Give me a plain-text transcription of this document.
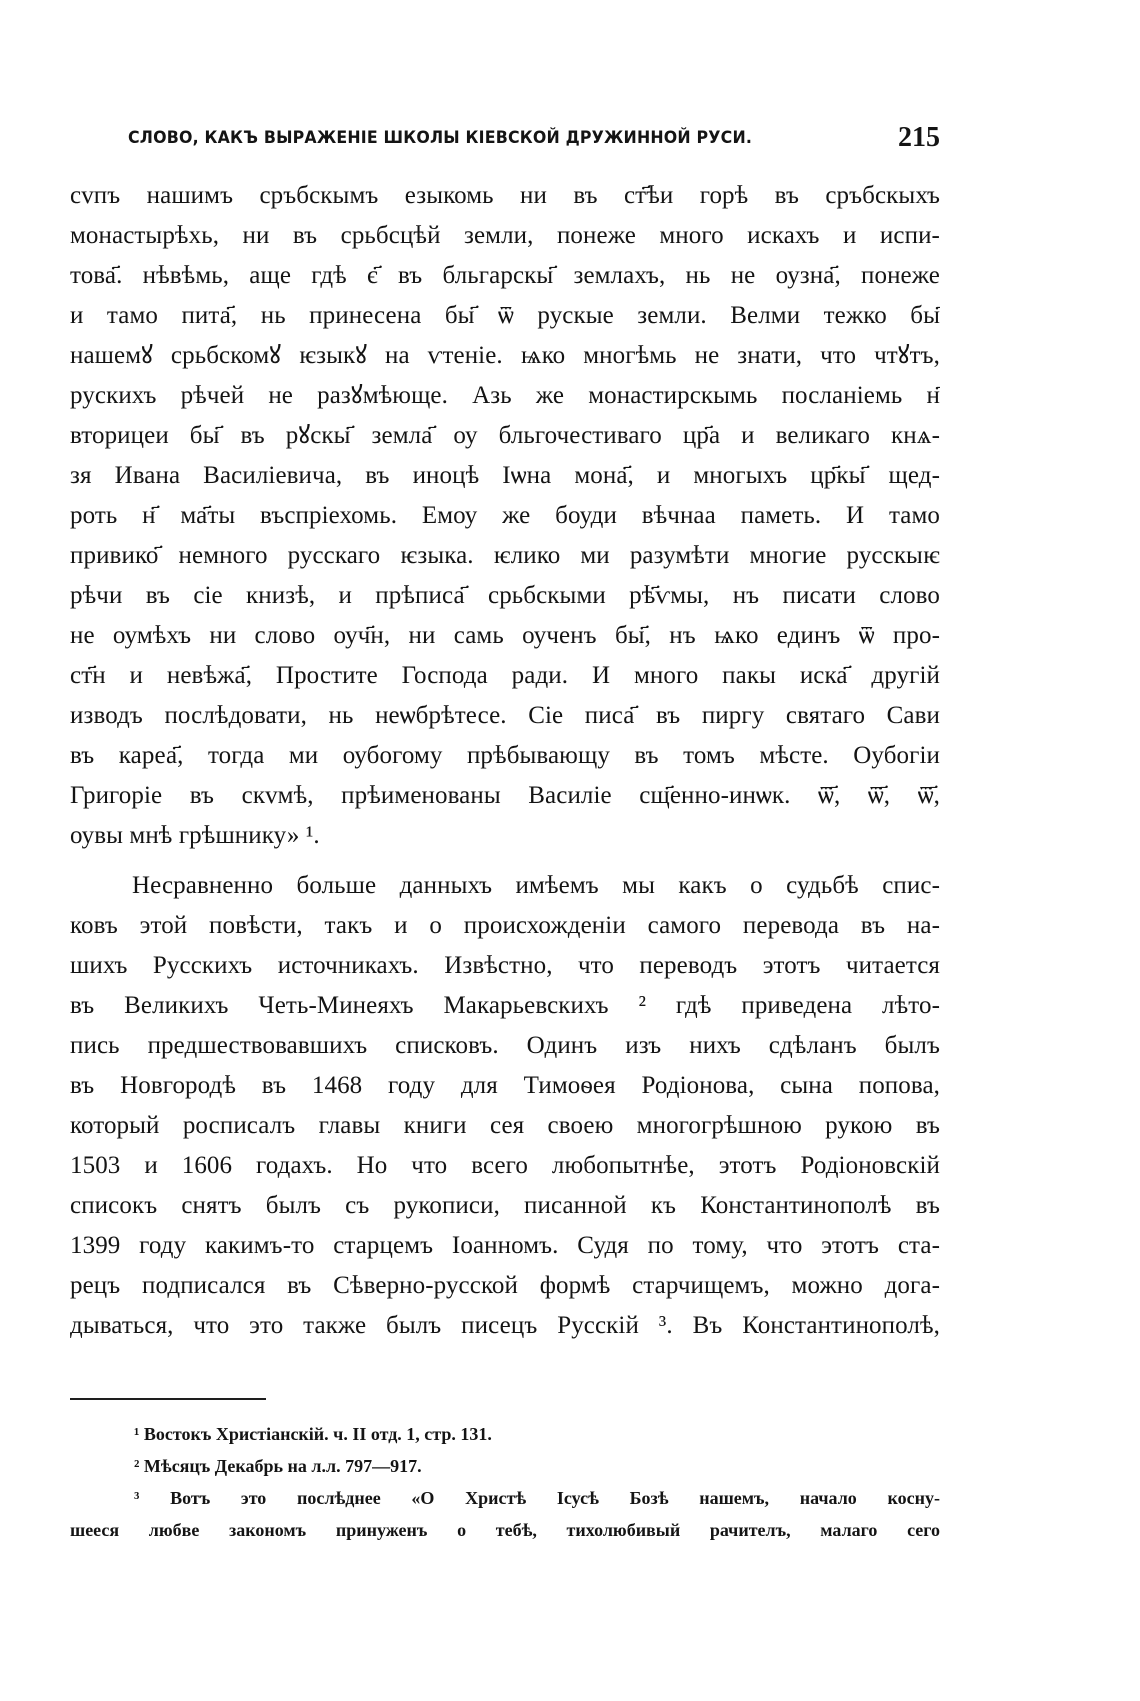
СЛОВО, КАКЪ ВЫРАЖЕНІЕ ШКОЛЫ КІЕВСКОЙ ДРУЖИННОЙ РУСИ.	215
сvпъ нашимъ сръбскымъ езыкомь ни въ ст҃ѣи горѣ въ сръбскыхъ
монастырѣхь, ни въ срьбсцѣй земли, понеже много искахъ и испи-
това҃. нѣвѣмь, аще гдѣ є҃ въ бльгарскы҃ землахъ, нь не оузна҃, понеже
и тамо пита҃, нь принесена бы҃ ѿ рускые земли. Велми тежко бы҃
нашемꙋ срьбскомꙋ ѥзыкꙋ на ѵтеніе. ѩко многѣмь не знати, что чтꙋтъ,
рускихъ рѣчей не разꙋмѣюще. Азь же монастирскымь посланіемь н҃
вторицеи бы҃ въ рꙋскы҃ земла҃ оу бльгочестиваго цр҃а и великаго кнѧ-
зя Ивана Василіевича, въ иноцѣ Іѡна мона҃, и многыхъ цр҃кы҃ щед-
роть н҃ ма҃ты въспріехомь. Емоу же боуди вѣчнаа паметь. И тамо
привико҃ немного русскаго ѥзыка. ѥлико ми разумѣти многие русскыѥ
рѣчи въ сіе книзѣ, и прѣписа҃ срьбскыми рѣ҃ѵмы, нъ писати слово
не оумѣхъ ни слово оуч҃н, ни самь оученъ бы҃, нъ ѩко единъ ѿ про-
ст҃н и невѣжа҃, Простите Господа ради. И много пакы иска҃ другій
изводъ послѣдовати, нь неѡбрѣтесе. Сіе писа҃ въ пиргу святаго Сави
въ кареа҃, тогда ми оубогому прѣбывающу въ томъ мѣсте. Оубогіи
Григоріе въ скvмѣ, прѣименованы Василіе сщ҃енно-инѡк. ѿ҃, ѿ҃, ѿ҃,
оувы мнѣ грѣшнику» ¹.
Несравненно больше данныхъ имѣемъ мы какъ о судьбѣ спис-
ковъ этой повѣсти, такъ и о происхожденіи самого перевода въ на-
шихъ Русскихъ источникахъ. Извѣстно, что переводъ этотъ читается
въ Великихъ Четь-Минеяхъ Макарьевскихъ ² гдѣ приведена лѣто-
пись предшествовавшихъ списковъ. Одинъ изъ нихъ сдѣланъ былъ
въ Новгородѣ въ 1468 году для Тимоѳея Родіонова, сына попова,
который росписалъ главы книги сея своею многогрѣшною рукою въ
1503 и 1606 годахъ. Но что всего любопытнѣе, этотъ Родіоновскій
списокъ снятъ былъ съ рукописи, писанной къ Константинополѣ въ
1399 году какимъ-то старцемъ Іоанномъ. Судя по тому, что этотъ ста-
рецъ подписался въ Сѣверно-русской формѣ старчищемъ, можно дога-
дываться, что это также былъ писецъ Русскій ³. Въ Константинополѣ,
¹ Востокъ Христіанскій. ч. II отд. 1, стр. 131.
² Мѣсяцъ Декабрь на л.л. 797—917.
³ Вотъ это послѣднее «О Христѣ Ісусѣ Бозѣ нашемъ, начало косну-
шееся любве закономъ принуженъ о тебѣ, тихолюбивый рачителъ, малаго сего
